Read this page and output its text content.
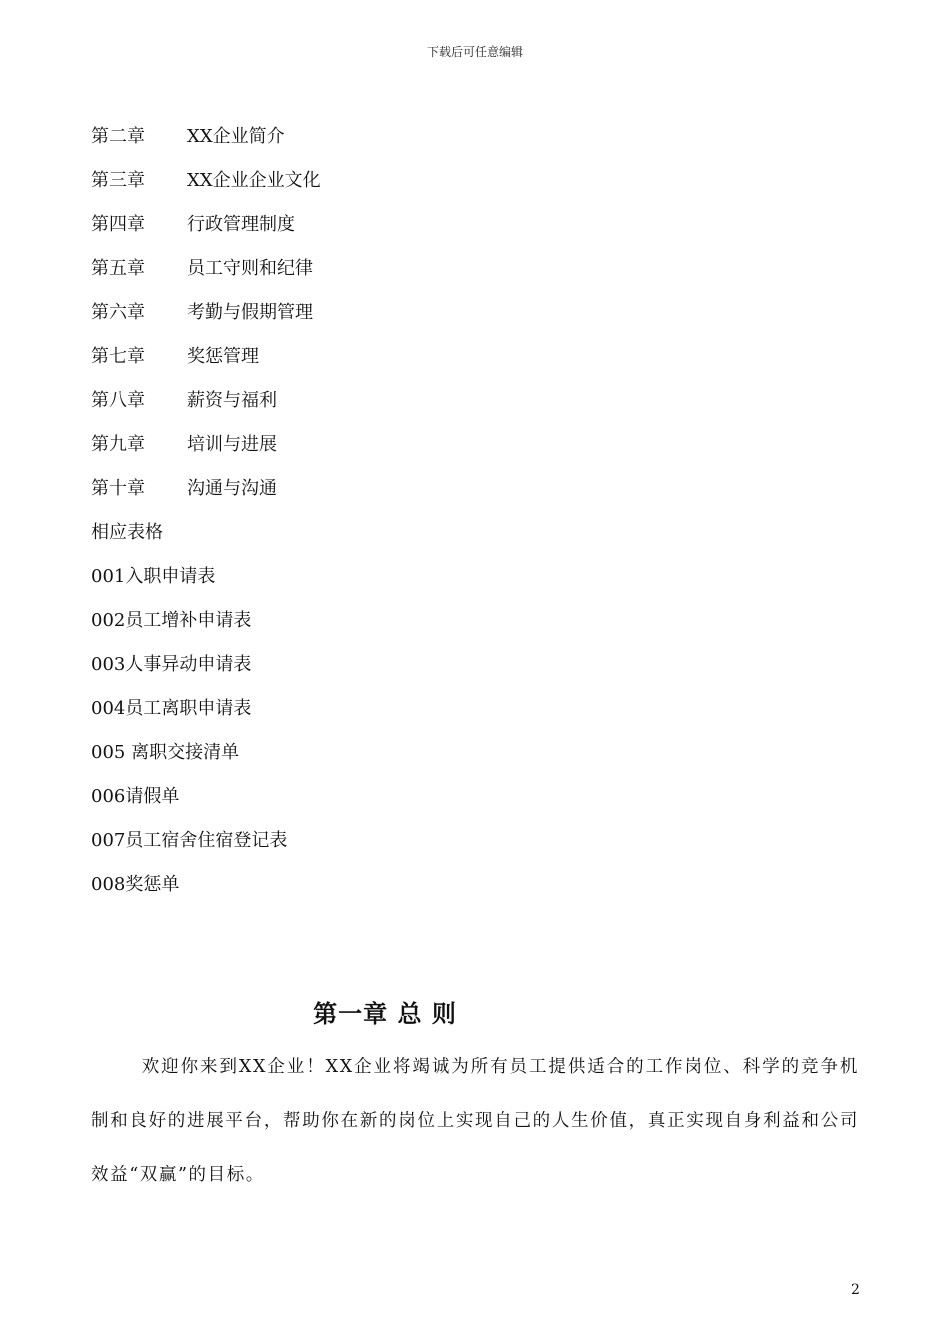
下载后可任意编辑
第二章	XX企业简介
第三章	XX企业企业文化
第四章	行政管理制度
第五章	员工守则和纪律
第六章	考勤与假期管理
第七章	奖惩管理
第八章	薪资与福利
第九章	培训与进展
第十章	沟通与沟通
相应表格
001入职申请表
002员工增补申请表
003人事异动申请表
004员工离职申请表
005 离职交接清单
006请假单
007员工宿舍住宿登记表
008奖惩单
第一章 总 则
欢迎你来到XX企业！XX企业将竭诚为所有员工提供适合的工作岗位、科学的竞争机制和良好的进展平台，帮助你在新的岗位上实现自己的人生价值，真正实现自身利益和公司效益“双赢”的目标。
2
